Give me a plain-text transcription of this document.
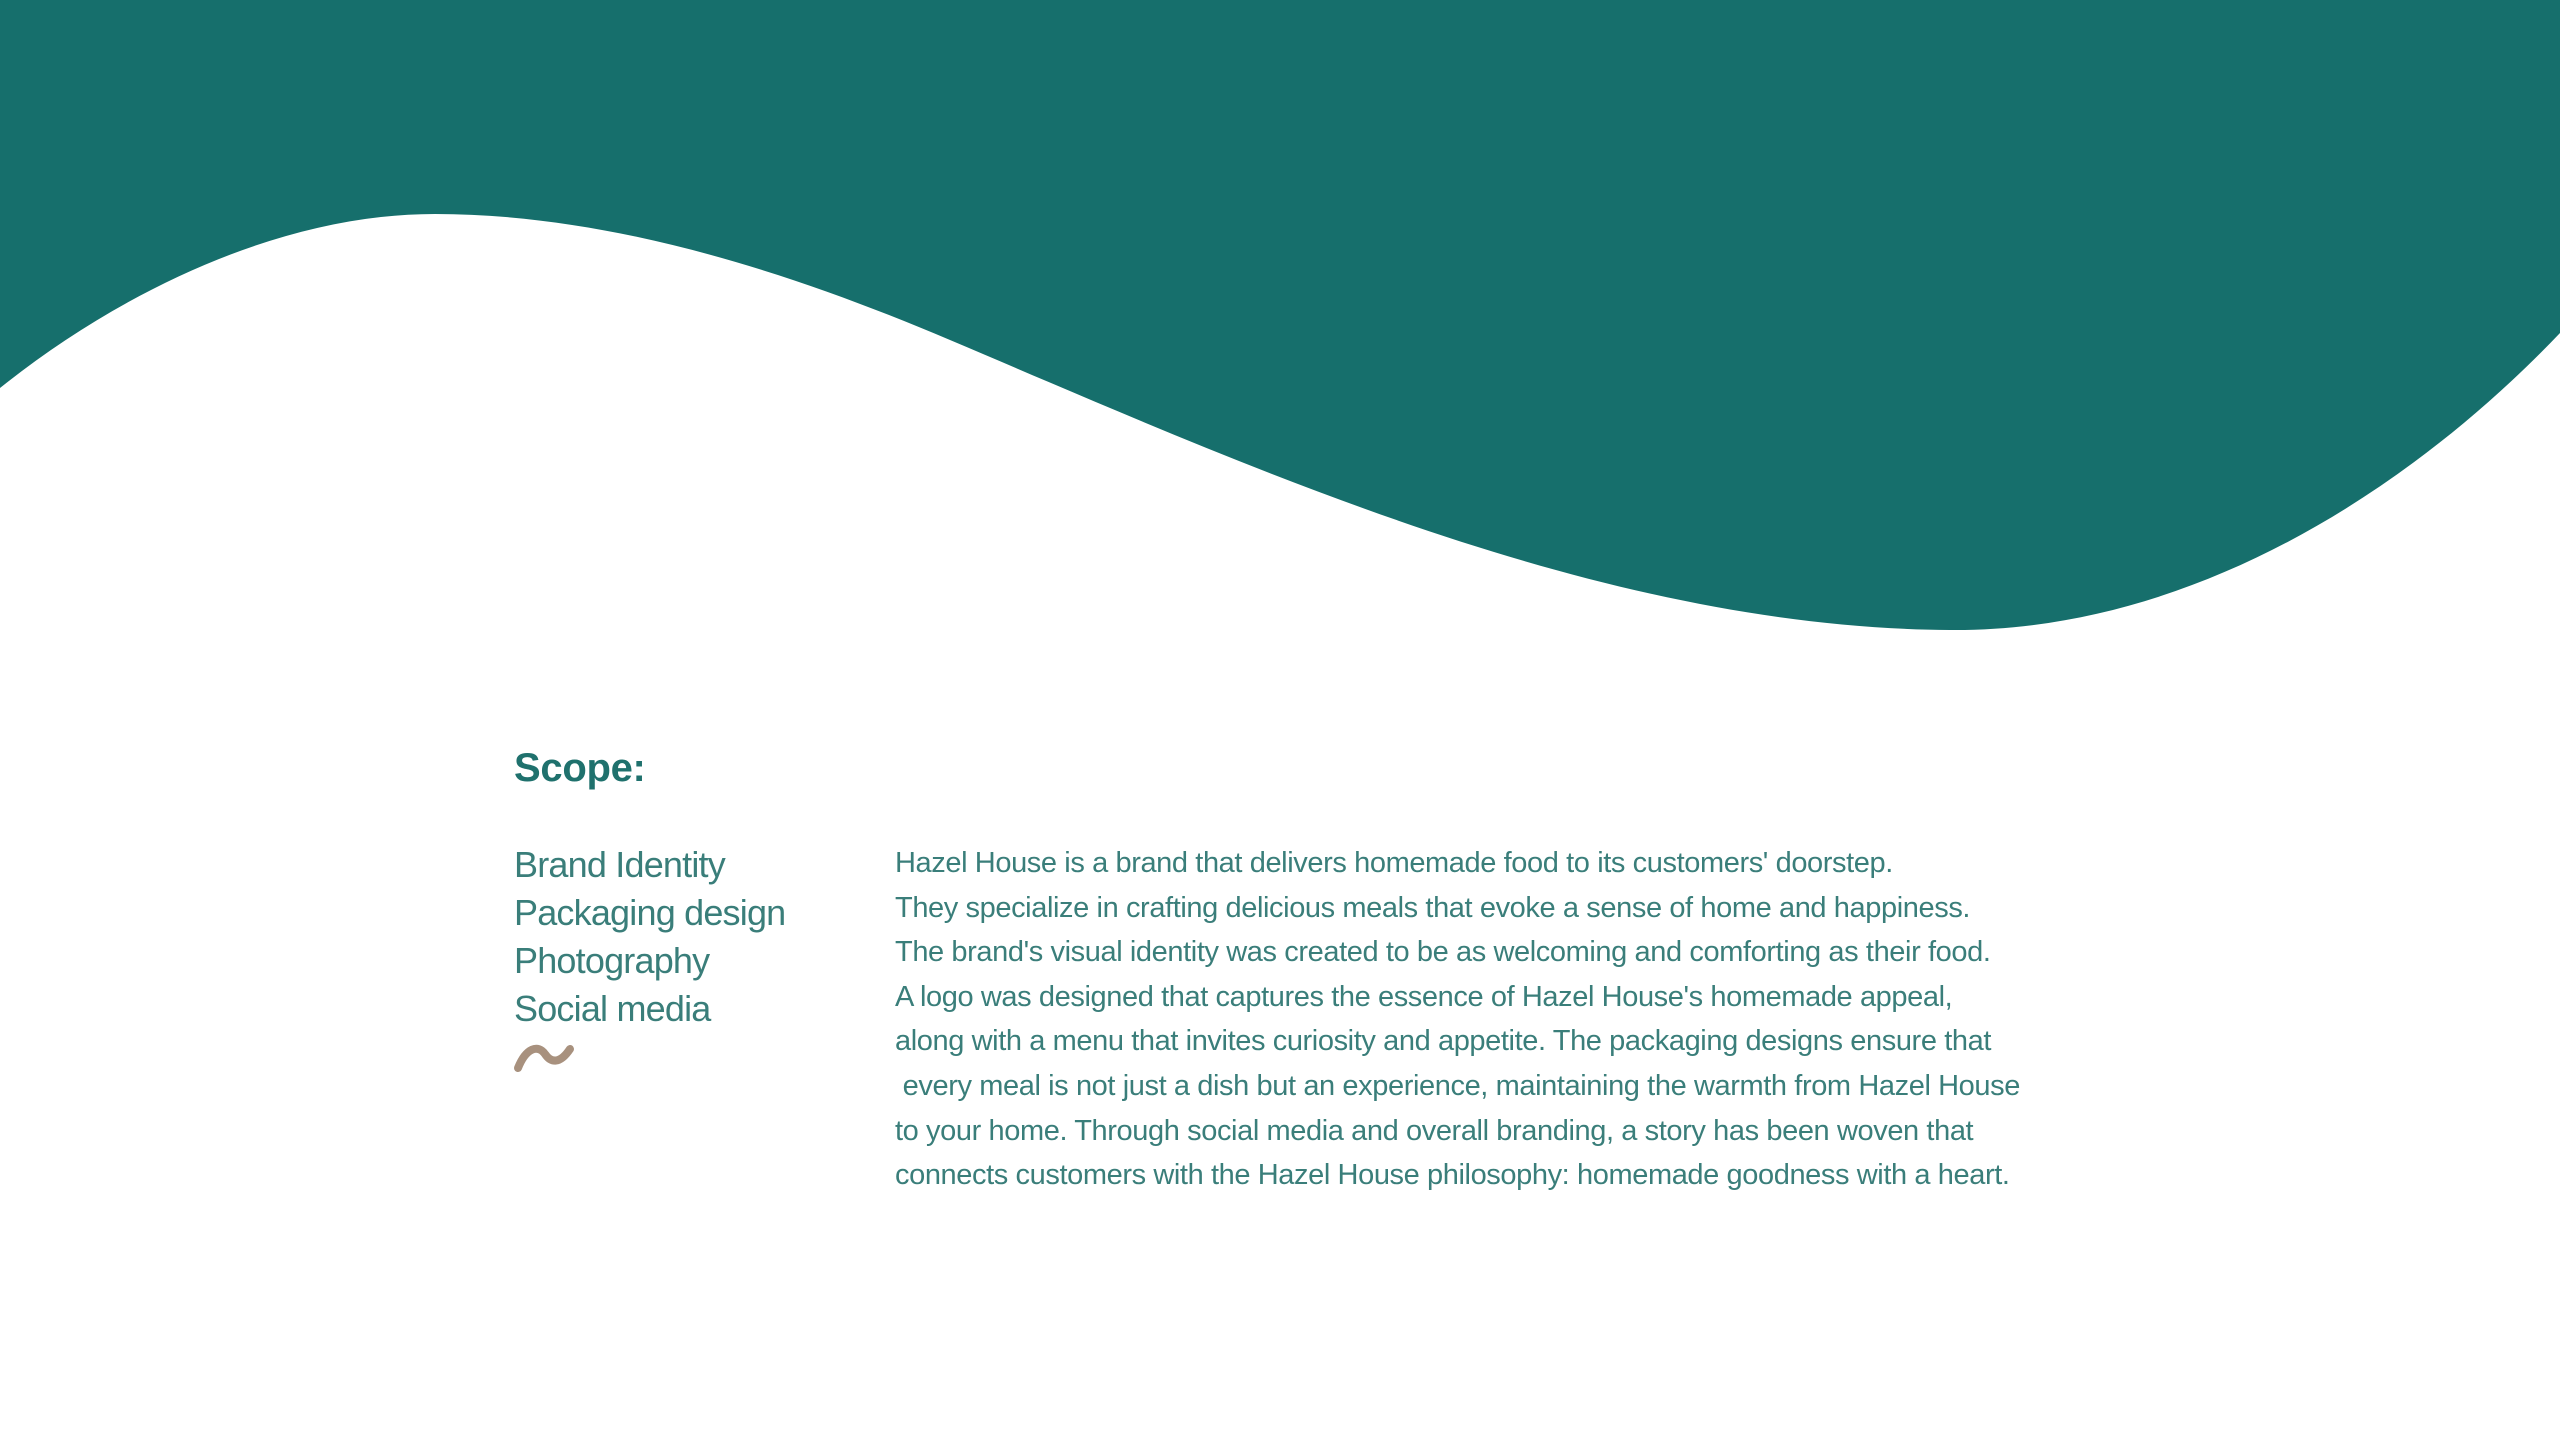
Scope:
Brand Identity
Packaging design
Photography
Social media
Hazel House is a brand that delivers homemade food to its customers' doorstep.
They specialize in crafting delicious meals that evoke a sense of home and happiness.
The brand's visual identity was created to be as welcoming and comforting as their food.
A logo was designed that captures the essence of Hazel House's homemade appeal,
along with a menu that invites curiosity and appetite. The packaging designs ensure that
every meal is not just a dish but an experience, maintaining the warmth from Hazel House
to your home. Through social media and overall branding, a story has been woven that
connects customers with the Hazel House philosophy: homemade goodness with a heart.
